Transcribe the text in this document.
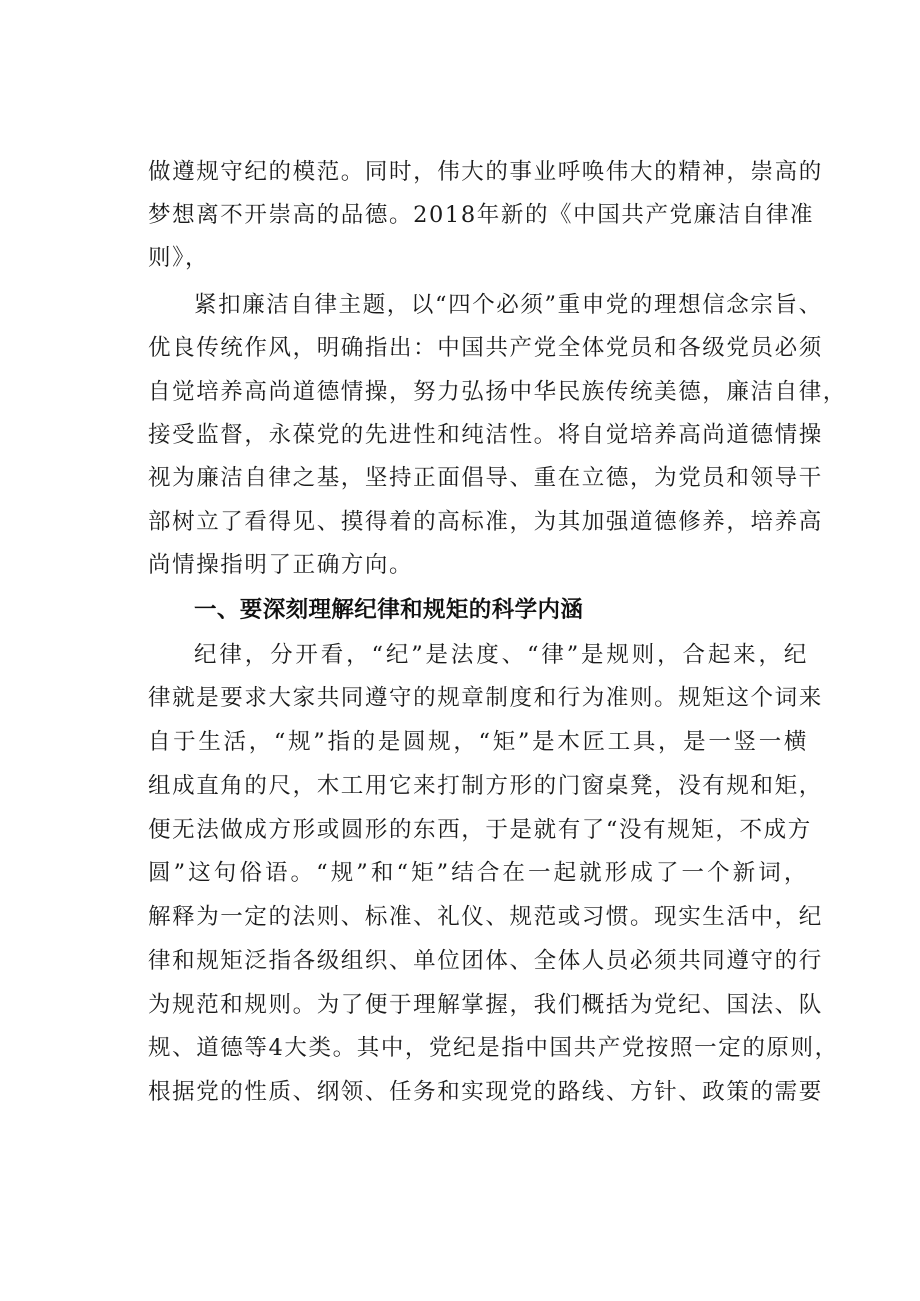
做遵规守纪的模范。同时，伟大的事业呼唤伟大的精神，崇高的
梦想离不开崇高的品德。2018年新的《中国共产党廉洁自律准
则》，
紧扣廉洁自律主题，以“四个必须”重申党的理想信念宗旨、
优良传统作风，明确指出：中国共产党全体党员和各级党员必须
自觉培养高尚道德情操，努力弘扬中华民族传统美德，廉洁自律，
接受监督，永葆党的先进性和纯洁性。将自觉培养高尚道德情操
视为廉洁自律之基，坚持正面倡导、重在立德，为党员和领导干
部树立了看得见、摸得着的高标准，为其加强道德修养，培养高
尚情操指明了正确方向。
一、要深刻理解纪律和规矩的科学内涵
纪律，分开看，“纪”是法度、“律”是规则，合起来，纪
律就是要求大家共同遵守的规章制度和行为准则。规矩这个词来
自于生活，“规”指的是圆规，“矩”是木匠工具，是一竖一横
组成直角的尺，木工用它来打制方形的门窗桌凳，没有规和矩，
便无法做成方形或圆形的东西，于是就有了“没有规矩，不成方
圆”这句俗语。“规”和“矩”结合在一起就形成了一个新词，
解释为一定的法则、标准、礼仪、规范或习惯。现实生活中，纪
律和规矩泛指各级组织、单位团体、全体人员必须共同遵守的行
为规范和规则。为了便于理解掌握，我们概括为党纪、国法、队
规、道德等4大类。其中，党纪是指中国共产党按照一定的原则，
根据党的性质、纲领、任务和实现党的路线、方针、政策的需要
